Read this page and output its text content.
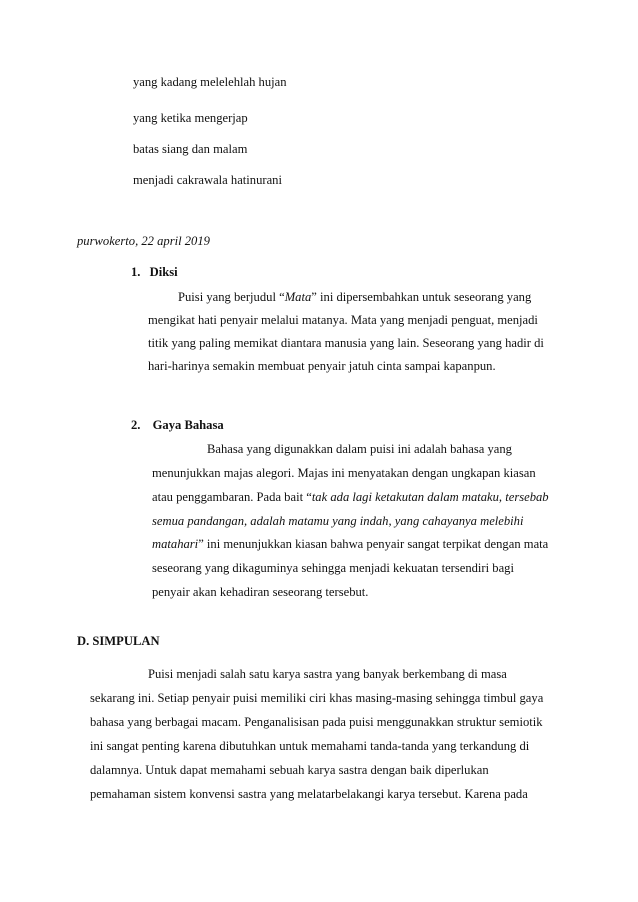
yang kadang melelehlah hujan
yang ketika mengerjap
batas siang dan malam
menjadi cakrawala hatinurani
purwokerto, 22 april 2019
1. Diksi
Puisi yang berjudul “Mata” ini dipersembahkan untuk seseorang yang
mengikat hati penyair melalui matanya. Mata yang menjadi penguat, menjadi
titik yang paling memikat diantara manusia yang lain. Seseorang yang hadir di
hari-harinya semakin membuat penyair jatuh cinta sampai kapanpun.
2. Gaya Bahasa
Bahasa yang digunakkan dalam puisi ini adalah bahasa yang
menunjukkan majas alegori. Majas ini menyatakan dengan ungkapan kiasan
atau penggambaran. Pada bait “tak ada lagi ketakutan dalam mataku, tersebab
semua pandangan, adalah matamu yang indah, yang cahayanya melebihi
matahari” ini menunjukkan kiasan bahwa penyair sangat terpikat dengan mata
seseorang yang dikaguminya sehingga menjadi kekuatan tersendiri bagi
penyair akan kehadiran seseorang tersebut.
D. SIMPULAN
Puisi menjadi salah satu karya sastra yang banyak berkembang di masa
sekarang ini. Setiap penyair puisi memiliki ciri khas masing-masing sehingga timbul gaya
bahasa yang berbagai macam. Penganalisisan pada puisi menggunakkan struktur semiotik
ini sangat penting karena dibutuhkan untuk memahami tanda-tanda yang terkandung di
dalamnya. Untuk dapat memahami sebuah karya sastra dengan baik diperlukan
pemahaman sistem konvensi sastra yang melatarbelakangi karya tersebut. Karena pada
